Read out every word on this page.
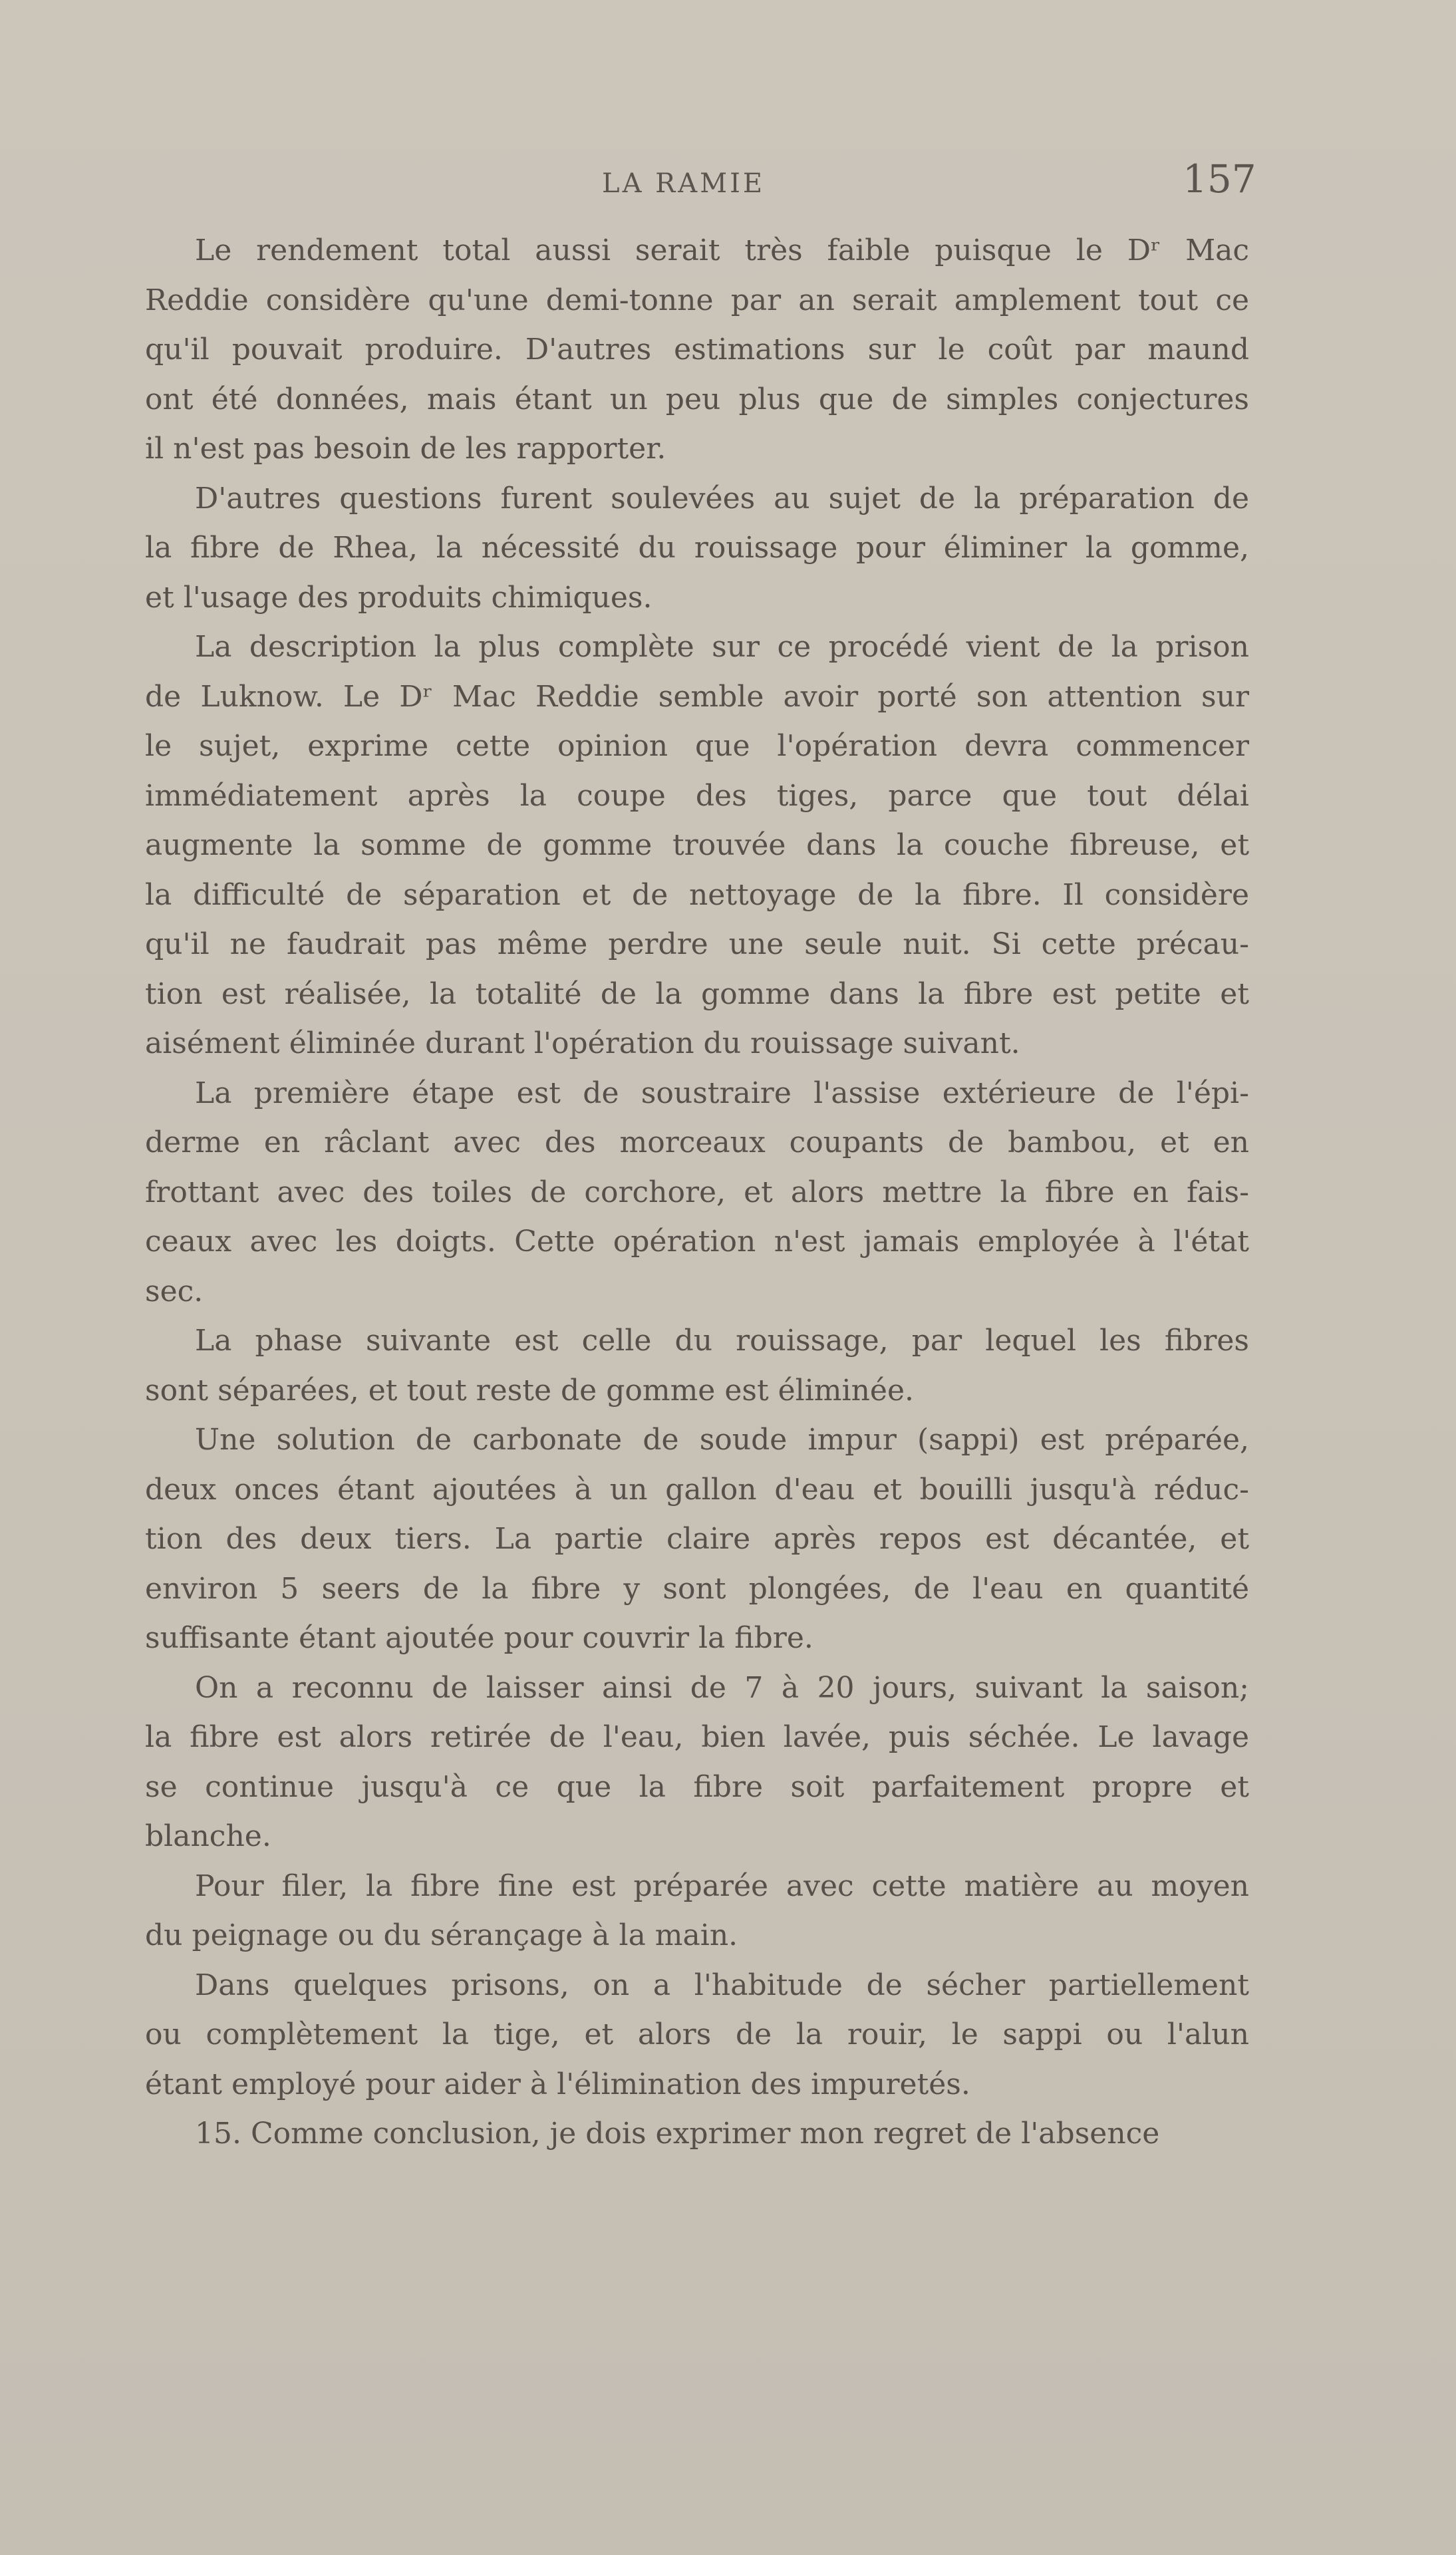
LA RAMIE	157
Le rendement total aussi serait très faible puisque le Dʳ Mac
Reddie considère qu'une demi-tonne par an serait amplement tout ce
qu'il pouvait produire. D'autres estimations sur le coût par maund
ont été données, mais étant un peu plus que de simples conjectures
il n'est pas besoin de les rapporter.
D'autres questions furent soulevées au sujet de la préparation de
la fibre de Rhea, la nécessité du rouissage pour éliminer la gomme,
et l'usage des produits chimiques.
La description la plus complète sur ce procédé vient de la prison
de Luknow. Le Dʳ Mac Reddie semble avoir porté son attention sur
le sujet, exprime cette opinion que l'opération devra commencer
immédiatement après la coupe des tiges, parce que tout délai
augmente la somme de gomme trouvée dans la couche fibreuse, et
la difficulté de séparation et de nettoyage de la fibre. Il considère
qu'il ne faudrait pas même perdre une seule nuit. Si cette précau-
tion est réalisée, la totalité de la gomme dans la fibre est petite et
aisément éliminée durant l'opération du rouissage suivant.
La première étape est de soustraire l'assise extérieure de l'épi-
derme en râclant avec des morceaux coupants de bambou, et en
frottant avec des toiles de corchore, et alors mettre la fibre en fais-
ceaux avec les doigts. Cette opération n'est jamais employée à l'état
sec.
La phase suivante est celle du rouissage, par lequel les fibres
sont séparées, et tout reste de gomme est éliminée.
Une solution de carbonate de soude impur (sappi) est préparée,
deux onces étant ajoutées à un gallon d'eau et bouilli jusqu'à réduc-
tion des deux tiers. La partie claire après repos est décantée, et
environ 5 seers de la fibre y sont plongées, de l'eau en quantité
suffisante étant ajoutée pour couvrir la fibre.
On a reconnu de laisser ainsi de 7 à 20 jours, suivant la saison;
la fibre est alors retirée de l'eau, bien lavée, puis séchée. Le lavage
se continue jusqu'à ce que la fibre soit parfaitement propre et
blanche.
Pour filer, la fibre fine est préparée avec cette matière au moyen
du peignage ou du sérançage à la main.
Dans quelques prisons, on a l'habitude de sécher partiellement
ou complètement la tige, et alors de la rouir, le sappi ou l'alun
étant employé pour aider à l'élimination des impuretés.
15. Comme conclusion, je dois exprimer mon regret de l'absence
